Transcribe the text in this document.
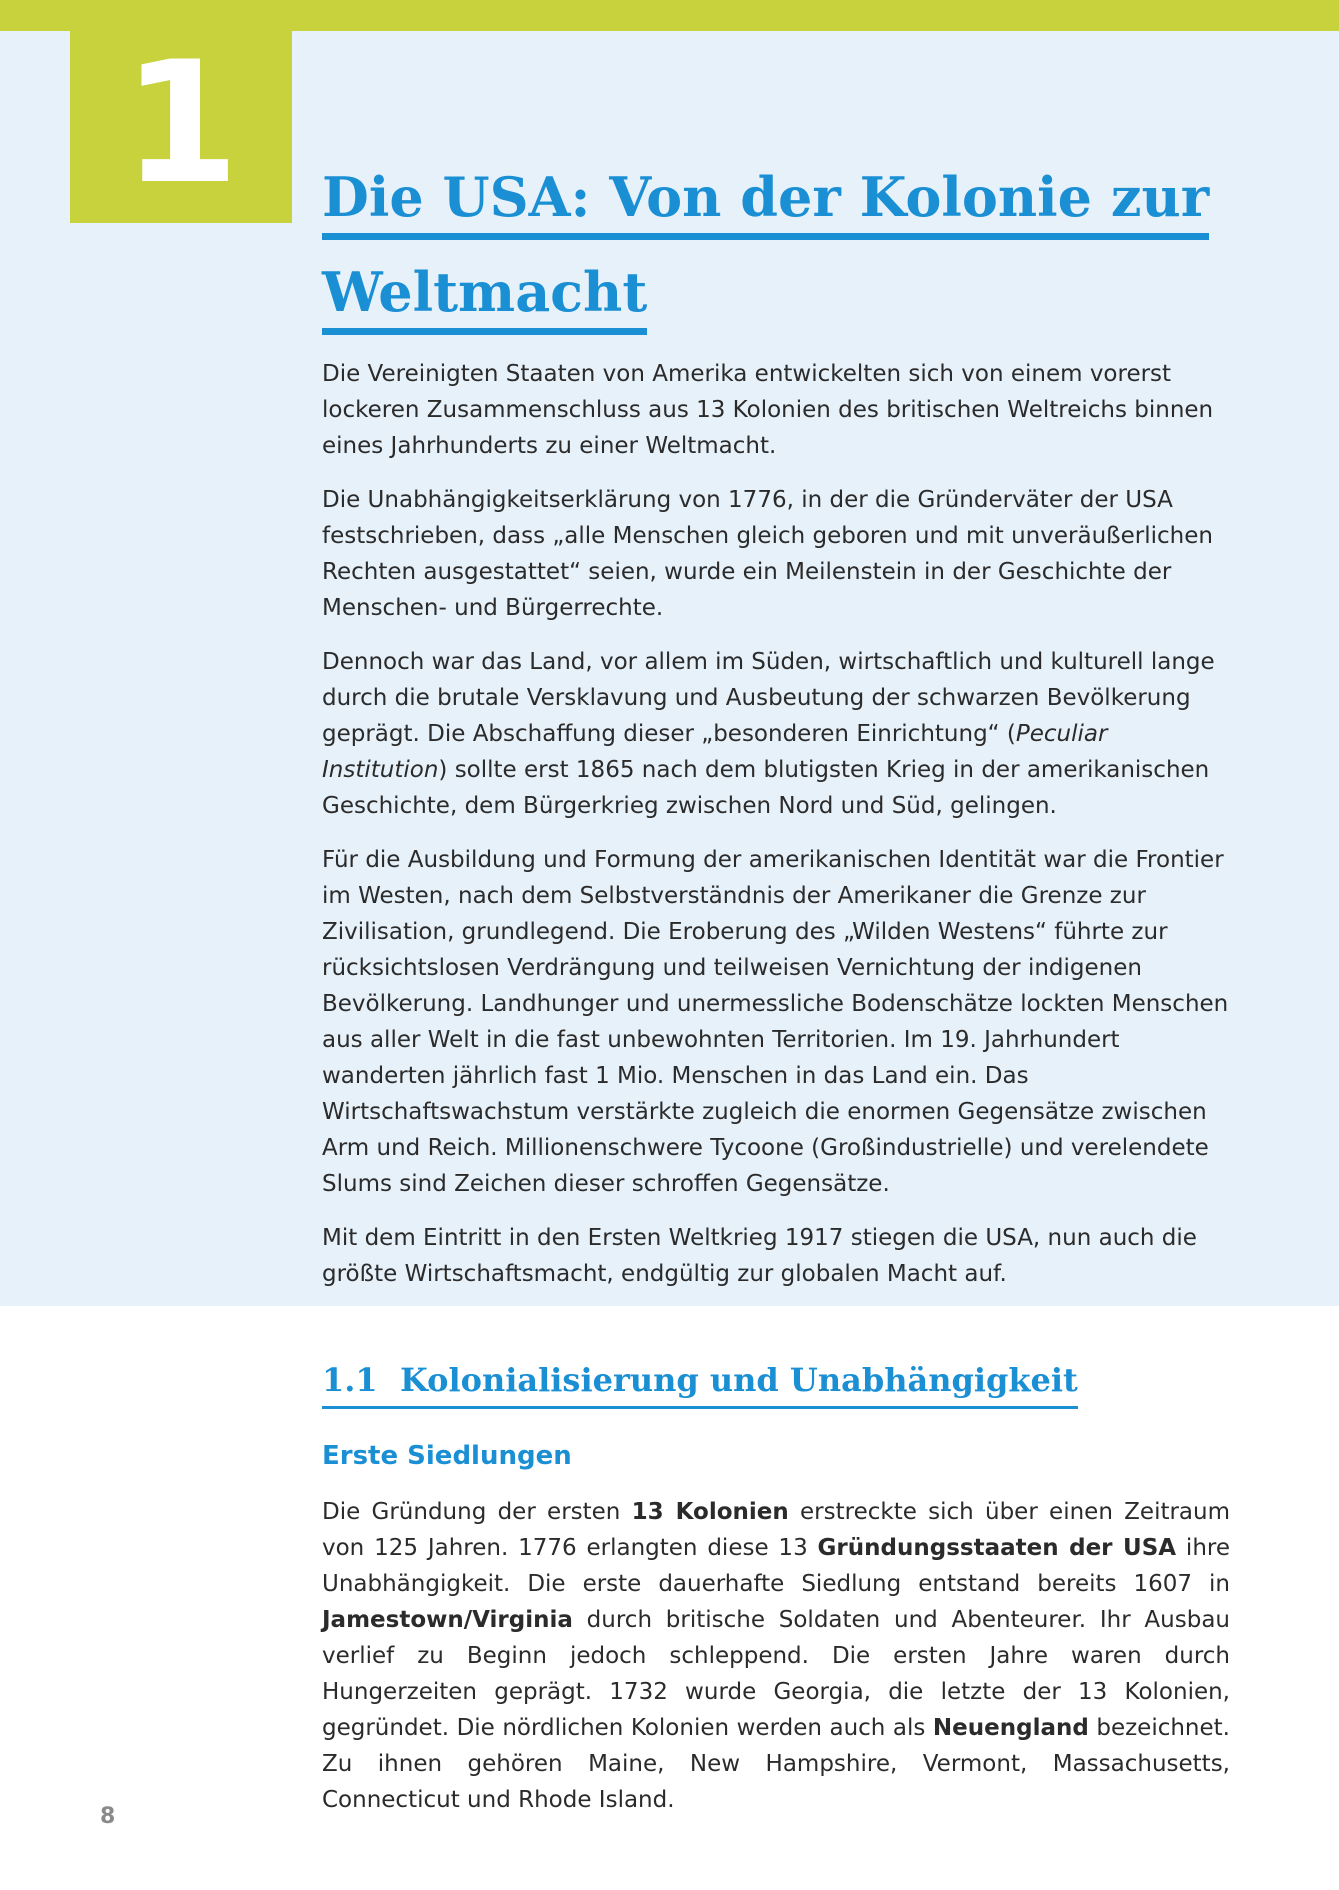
1	Die USA: Von der Kolonie zur
Weltmacht

Die Vereinigten Staaten von Amerika entwickelten sich von einem vorerst lockeren Zusammenschluss aus 13 Kolonien des britischen Weltreichs binnen eines Jahrhunderts zu einer Weltmacht.

Die Unabhängigkeitserklärung von 1776, in der die Gründerväter der USA festschrieben, dass „alle Menschen gleich geboren und mit unveräußerlichen Rechten ausgestattet“ seien, wurde ein Meilenstein in der Geschichte der Menschen- und Bürgerrechte.

Dennoch war das Land, vor allem im Süden, wirtschaftlich und kulturell lange durch die brutale Versklavung und Ausbeutung der schwarzen Bevölkerung geprägt. Die Abschaffung dieser „besonderen Einrichtung“ (Peculiar Institution) sollte erst 1865 nach dem blutigsten Krieg in der amerikanischen Geschichte, dem Bürgerkrieg zwischen Nord und Süd, gelingen.

Für die Ausbildung und Formung der amerikanischen Identität war die Frontier im Westen, nach dem Selbstverständnis der Amerikaner die Grenze zur Zivilisation, grundlegend. Die Eroberung des „Wilden Westens“ führte zur rücksichtslosen Verdrängung und teilweisen Vernichtung der indigenen Bevölkerung. Landhunger und unermessliche Bodenschätze lockten Menschen aus aller Welt in die fast unbewohnten Territorien. Im 19. Jahrhundert wanderten jährlich fast 1 Mio. Menschen in das Land ein. Das Wirtschaftswachstum verstärkte zugleich die enormen Gegensätze zwischen Arm und Reich. Millionenschwere Tycoone (Großindustrielle) und verelendete Slums sind Zeichen dieser schroffen Gegensätze.

Mit dem Eintritt in den Ersten Weltkrieg 1917 stiegen die USA, nun auch die größte Wirtschaftsmacht, endgültig zur globalen Macht auf.

1.1 Kolonialisierung und Unabhängigkeit
Erste Siedlungen

Die Gründung der ersten 13 Kolonien erstreckte sich über einen Zeitraum von 125 Jahren. 1776 erlangten diese 13 Gründungsstaaten der USA ihre Unabhängigkeit. Die erste dauerhafte Siedlung entstand bereits 1607 in Jamestown/Virginia durch britische Soldaten und Abenteurer. Ihr Ausbau verlief zu Beginn jedoch schleppend. Die ersten Jahre waren durch Hungerzeiten geprägt. 1732 wurde Georgia, die letzte der 13 Kolonien, gegründet. Die nördlichen Kolonien werden auch als Neuengland bezeichnet. Zu ihnen gehören Maine, New Hampshire, Vermont, Massachusetts, Connecticut und Rhode Island.

8
